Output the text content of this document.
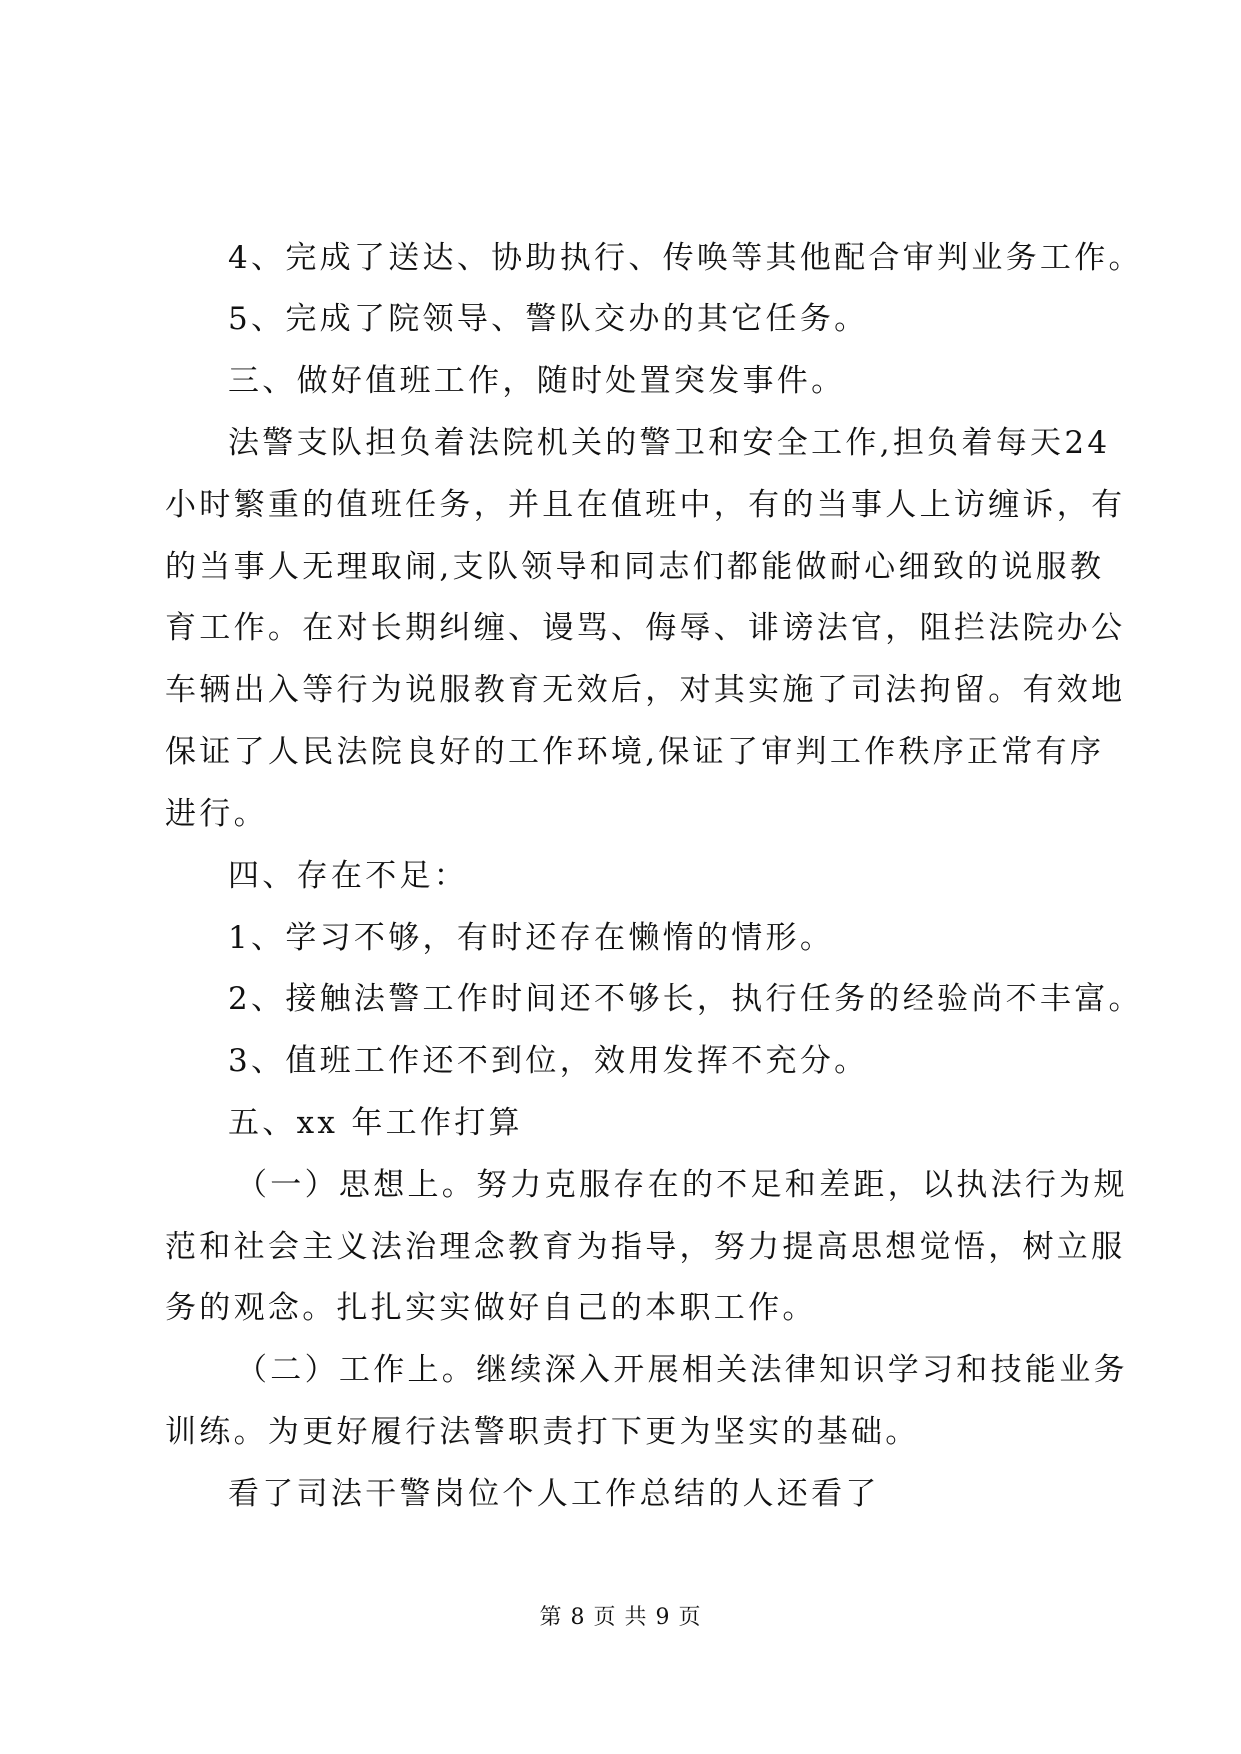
4、完成了送达、协助执行、传唤等其他配合审判业务工作。
5、完成了院领导、警队交办的其它任务。
三、做好值班工作，随时处置突发事件。
法警支队担负着法院机关的警卫和安全工作,担负着每天24
小时繁重的值班任务，并且在值班中，有的当事人上访缠诉，有
的当事人无理取闹,支队领导和同志们都能做耐心细致的说服教
育工作。在对长期纠缠、谩骂、侮辱、诽谤法官，阻拦法院办公
车辆出入等行为说服教育无效后，对其实施了司法拘留。有效地
保证了人民法院良好的工作环境,保证了审判工作秩序正常有序
进行。
四、存在不足：
1、学习不够，有时还存在懒惰的情形。
2、接触法警工作时间还不够长，执行任务的经验尚不丰富。
3、值班工作还不到位，效用发挥不充分。
五、xx 年工作打算
（一）思想上。努力克服存在的不足和差距，以执法行为规
范和社会主义法治理念教育为指导，努力提高思想觉悟，树立服
务的观念。扎扎实实做好自己的本职工作。
（二）工作上。继续深入开展相关法律知识学习和技能业务
训练。为更好履行法警职责打下更为坚实的基础。
看了司法干警岗位个人工作总结的人还看了
第 8 页 共 9 页
